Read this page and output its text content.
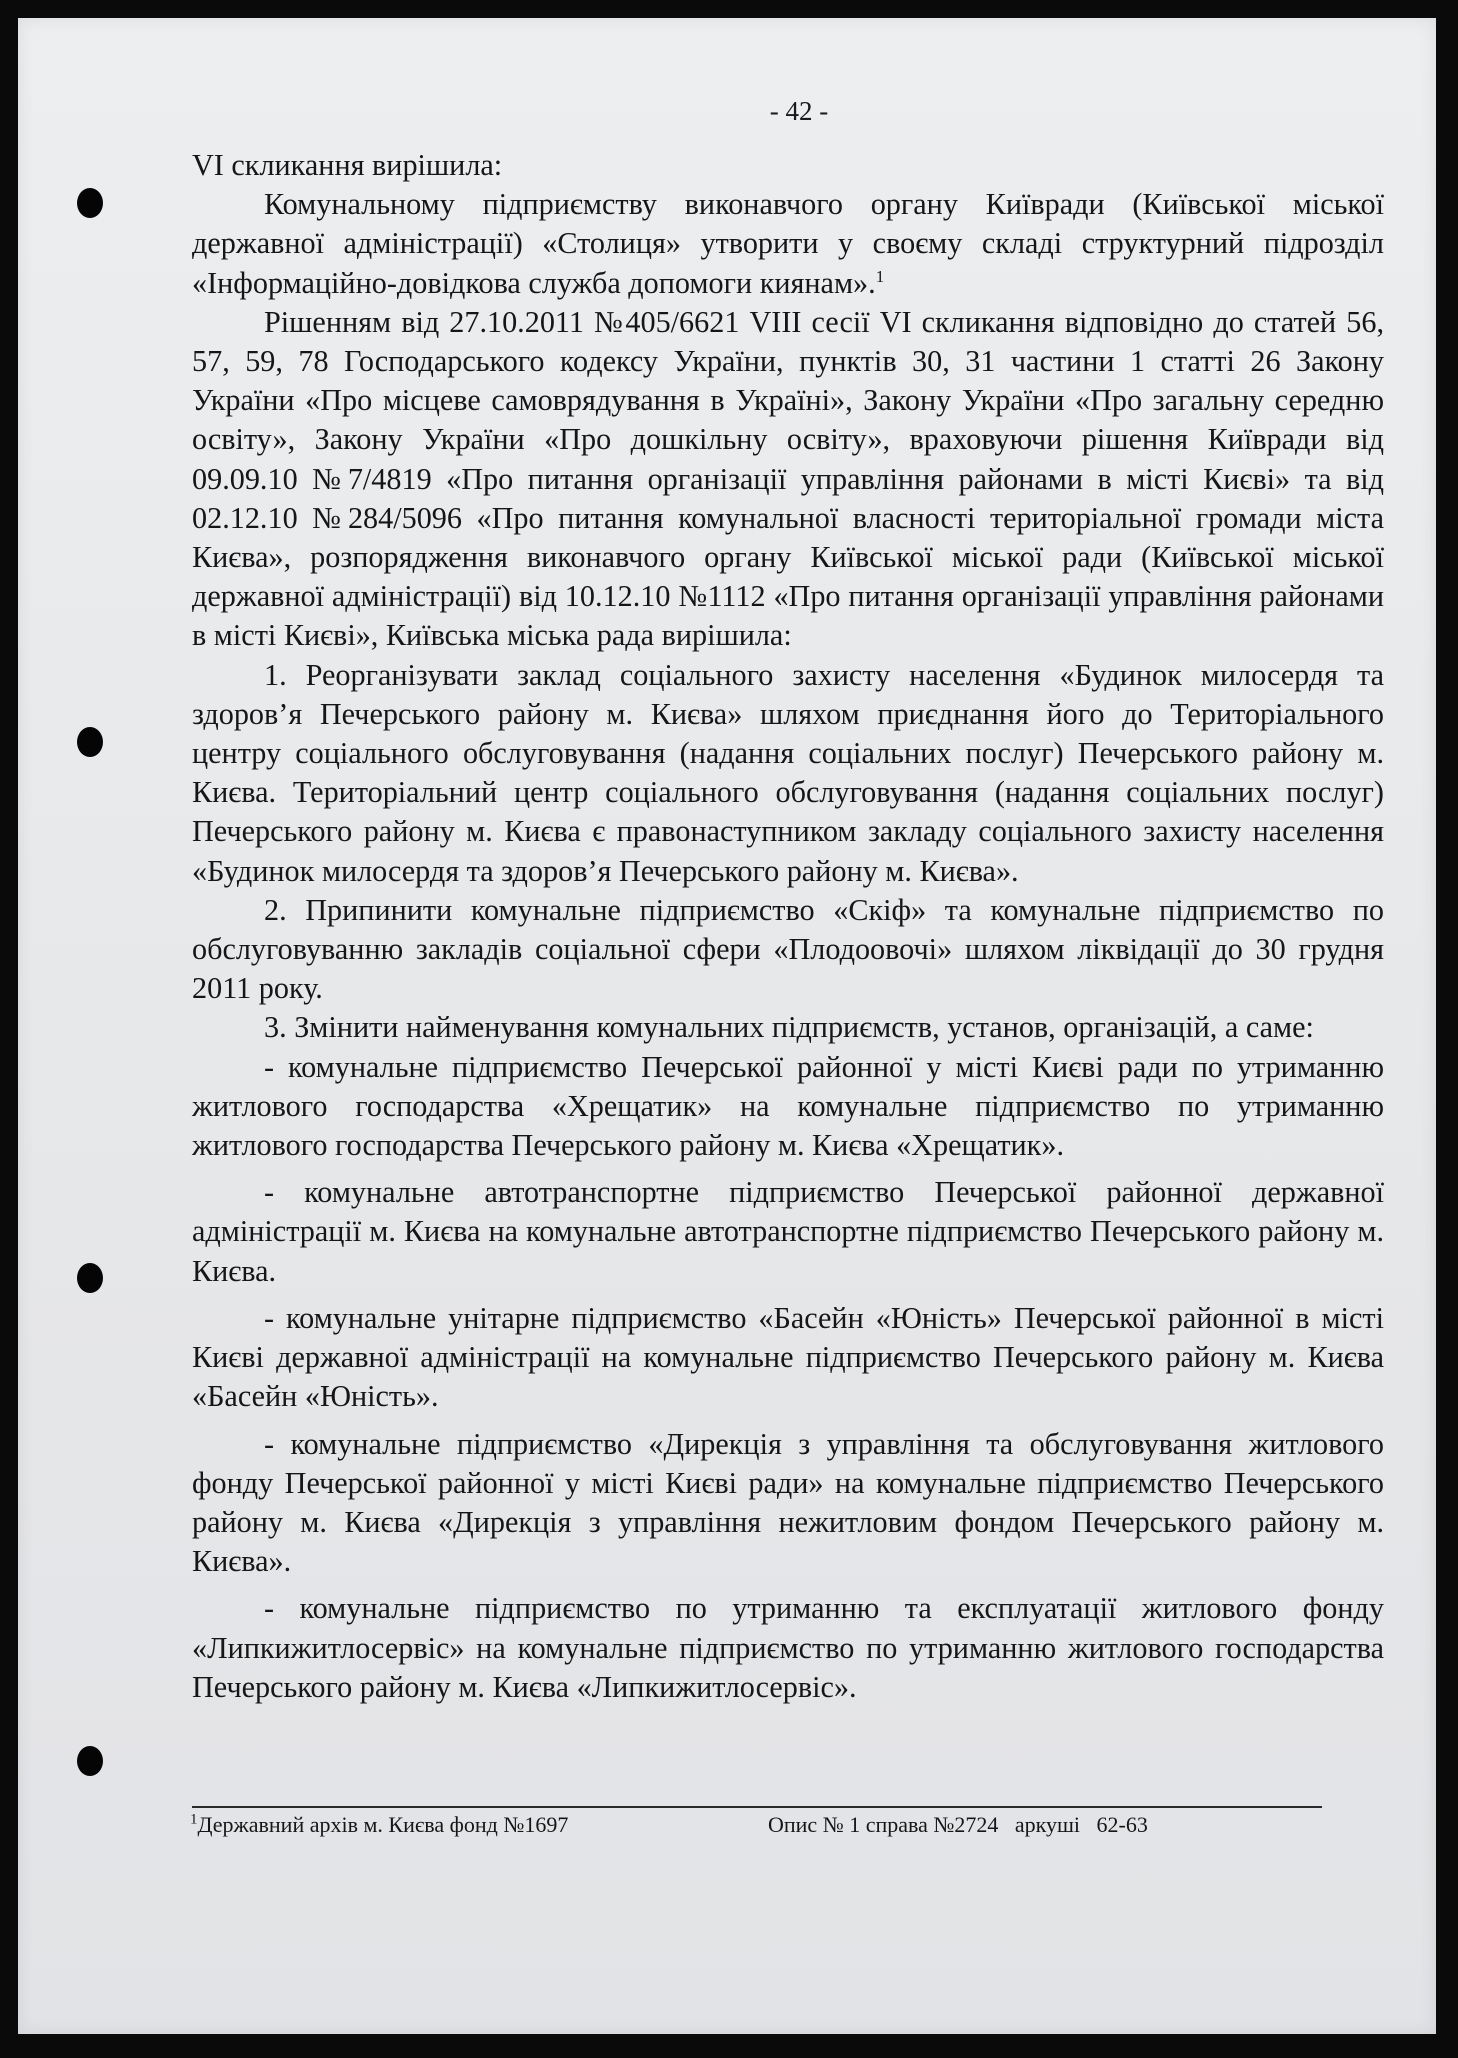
- 42 -

VI скликання вирішила:

Комунальному підприємству виконавчого органу Київради (Київської міської державної адміністрації) «Столиця» утворити у своєму складі структурний підрозділ «Інформаційно-довідкова служба допомоги киянам».$^1$

Рішенням від 27.10.2011 №405/6621 VIII сесії VI скликання відповідно до статей 56, 57, 59, 78 Господарського кодексу України, пунктів 30, 31 частини 1 статті 26 Закону України «Про місцеве самоврядування в Україні», Закону України «Про загальну середню освіту», Закону України «Про дошкільну освіту», враховуючи рішення Київради від 09.09.10 №7/4819 «Про питання організації управління районами в місті Києві» та від 02.12.10 №284/5096 «Про питання комунальної власності територіальної громади міста Києва», розпорядження виконавчого органу Київської міської ради (Київської міської державної адміністрації) від 10.12.10 №1112 «Про питання організації управління районами в місті Києві», Київська міська рада вирішила:

1. Реорганізувати заклад соціального захисту населення «Будинок милосердя та здоров’я Печерського району м. Києва» шляхом приєднання його до Територіального центру соціального обслуговування (надання соціальних послуг) Печерського району м. Києва. Територіальний центр соціального обслуговування (надання соціальних послуг) Печерського району м. Києва є правонаступником закладу соціального захисту населення «Будинок милосердя та здоров’я Печерського району м. Києва».

2. Припинити комунальне підприємство «Скіф» та комунальне підприємство по обслуговуванню закладів соціальної сфери «Плодоовочі» шляхом ліквідації до 30 грудня 2011 року.

3. Змінити найменування комунальних підприємств, установ, організацій, а саме:

- комунальне підприємство Печерської районної у місті Києві ради по утриманню житлового господарства «Хрещатик» на комунальне підприємство по утриманню житлового господарства Печерського району м. Києва «Хрещатик».

- комунальне автотранспортне підприємство Печерської районної державної адміністрації м. Києва на комунальне автотранспортне підприємство Печерського району м. Києва.

- комунальне унітарне підприємство «Басейн «Юність» Печерської районної в місті Києві державної адміністрації на комунальне підприємство Печерського району м. Києва «Басейн «Юність».

- комунальне підприємство «Дирекція з управління та обслуговування житлового фонду Печерської районної у місті Києві ради» на комунальне підприємство Печерського району м. Києва «Дирекція з управління нежитловим фондом Печерського району м. Києва».

- комунальне підприємство по утриманню та експлуатації житлового фонду «Липкижитлосервіс» на комунальне підприємство по утриманню житлового господарства Печерського району м. Києва «Липкижитлосервіс».

$^1$Державний архів м. Києва фонд №1697	Опис № 1 справа №2724   аркуші   62-63
